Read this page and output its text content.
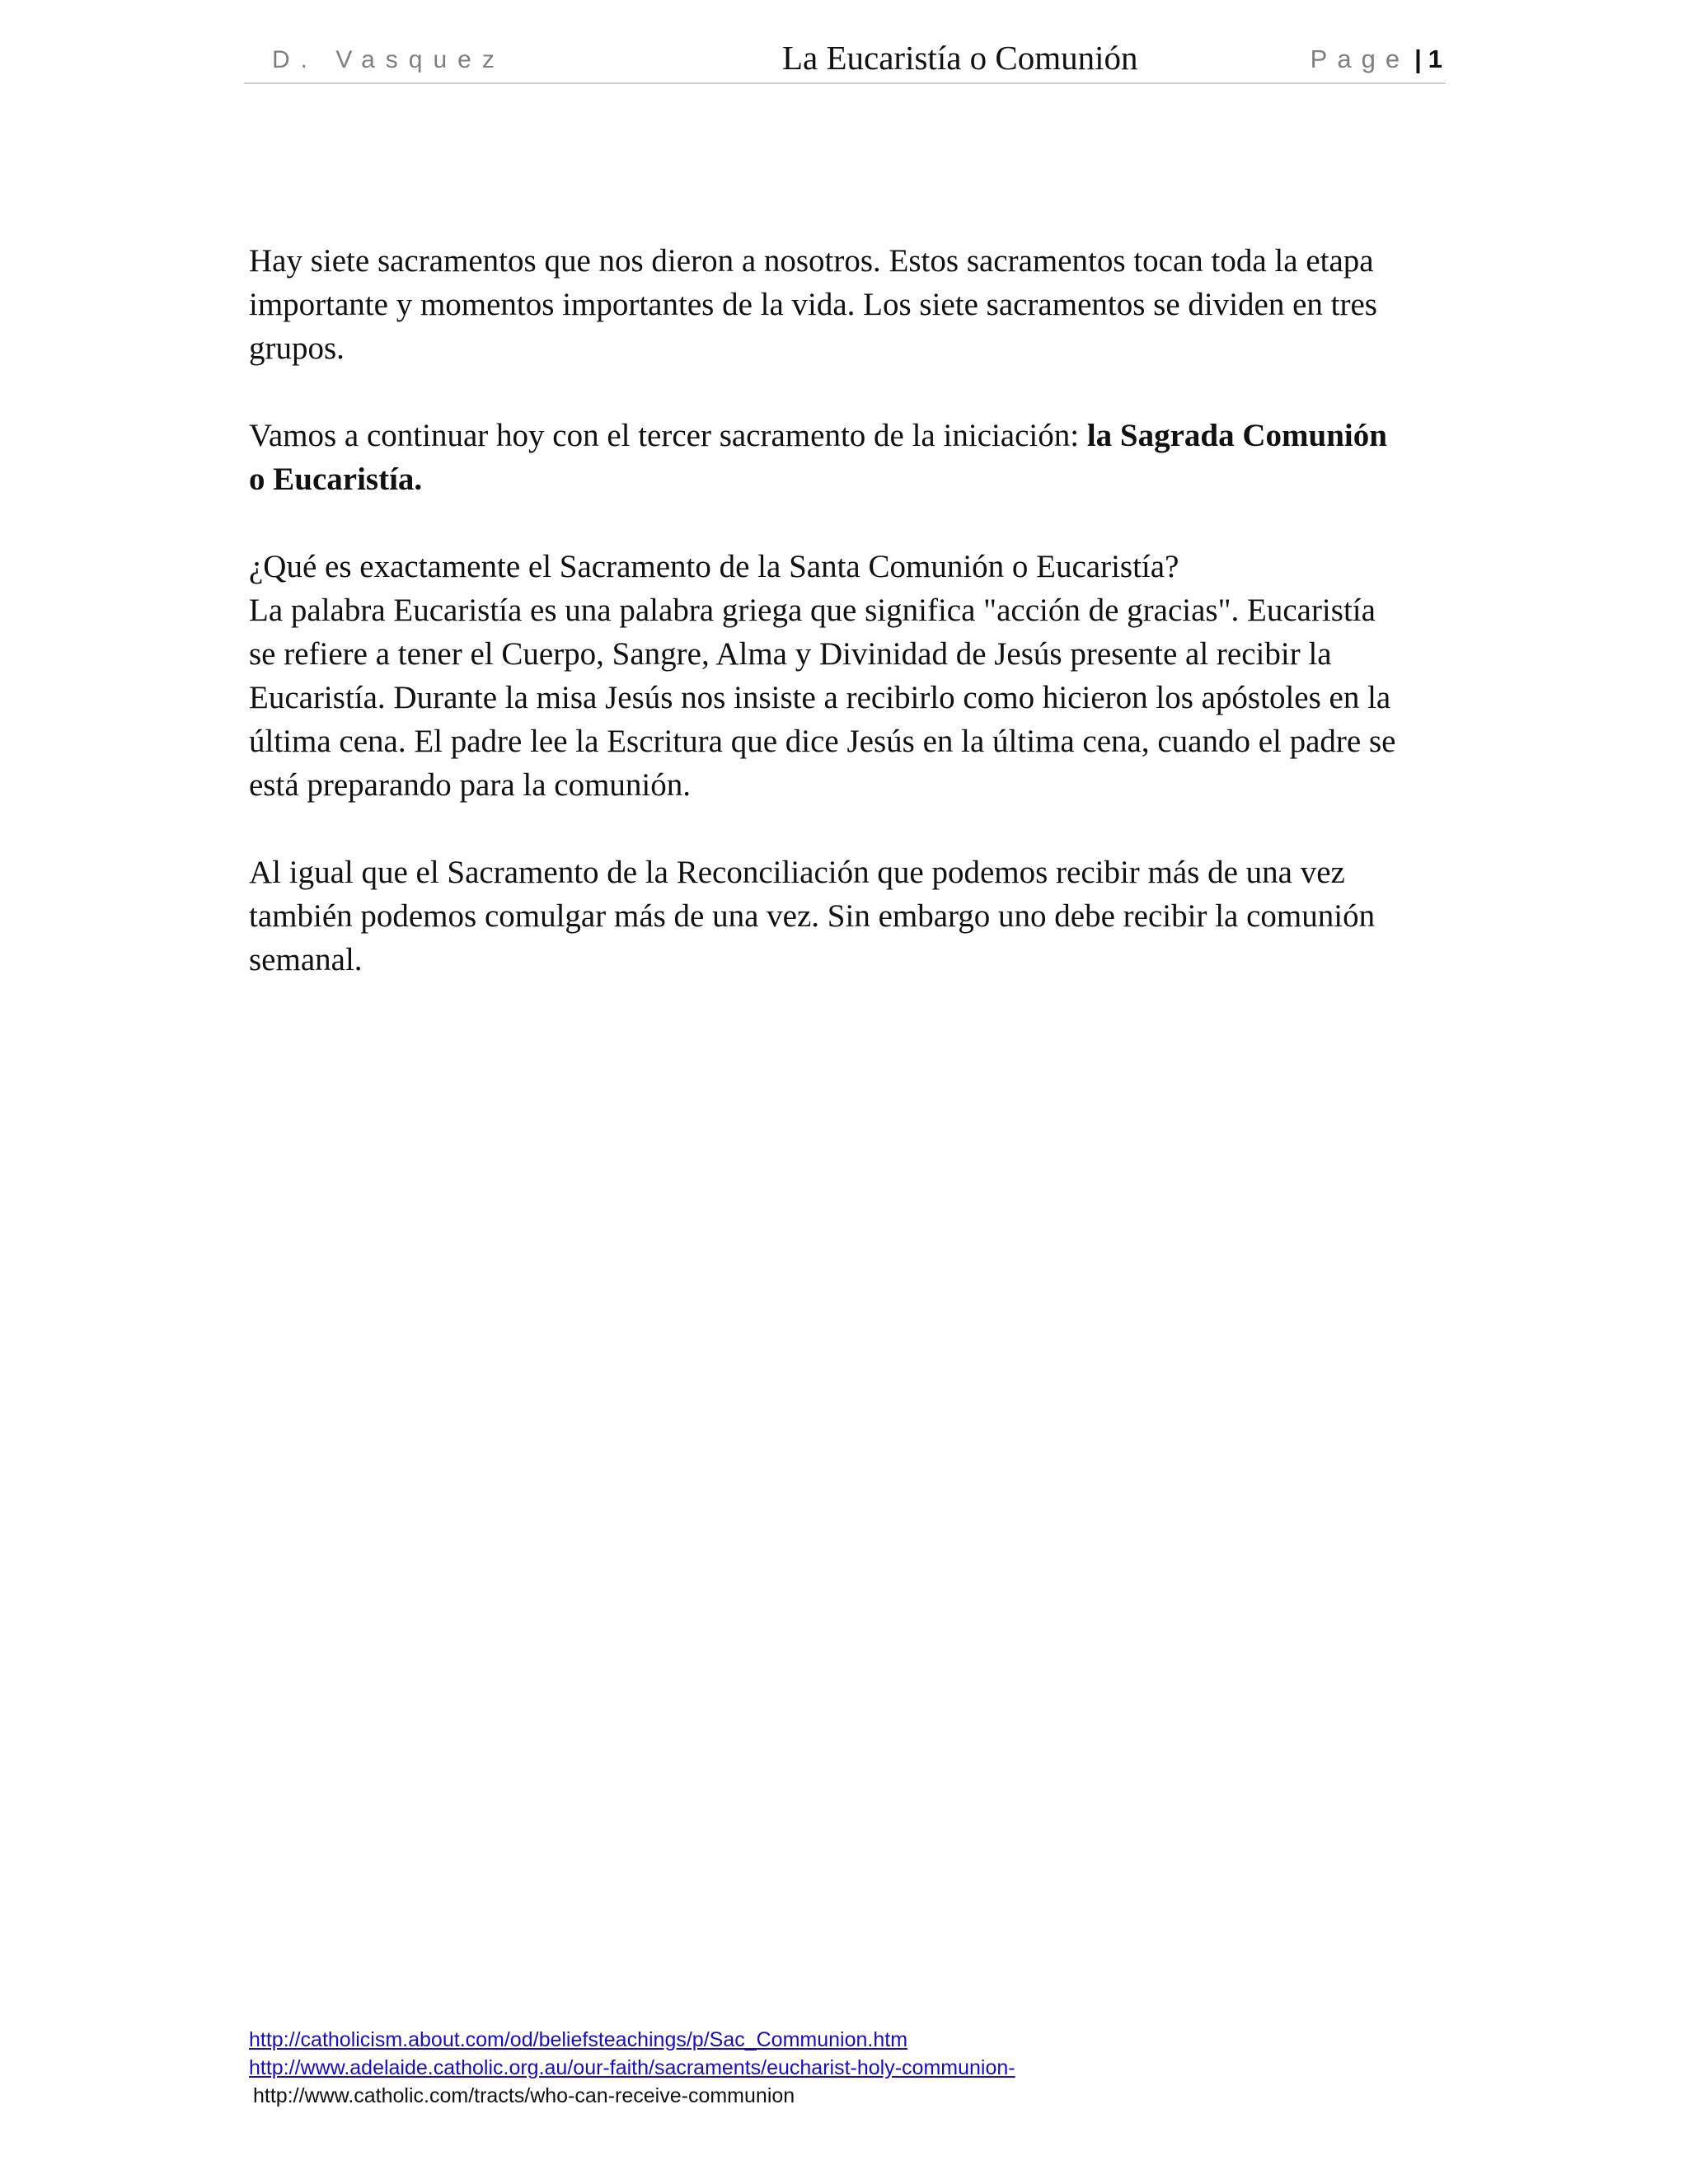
D. Vasquez	La Eucaristía o Comunión	Page | 1

Hay siete sacramentos que nos dieron a nosotros. Estos sacramentos tocan toda la etapa
importante y momentos importantes de la vida. Los siete sacramentos se dividen en tres
grupos.

Vamos a continuar hoy con el tercer sacramento de la iniciación: la Sagrada Comunión
o Eucaristía.

¿Qué es exactamente el Sacramento de la Santa Comunión o Eucaristía?
La palabra Eucaristía es una palabra griega que significa "acción de gracias". Eucaristía
se refiere a tener el Cuerpo, Sangre, Alma y Divinidad de Jesús presente al recibir la
Eucaristía. Durante la misa Jesús nos insiste a recibirlo como hicieron los apóstoles en la
última cena. El padre lee la Escritura que dice Jesús en la última cena, cuando el padre se
está preparando para la comunión.

Al igual que el Sacramento de la Reconciliación que podemos recibir más de una vez
también podemos comulgar más de una vez. Sin embargo uno debe recibir la comunión
semanal.

http://catholicism.about.com/od/beliefsteachings/p/Sac_Communion.htm
http://www.adelaide.catholic.org.au/our-faith/sacraments/eucharist-holy-communion-
http://www.catholic.com/tracts/who-can-receive-communion
